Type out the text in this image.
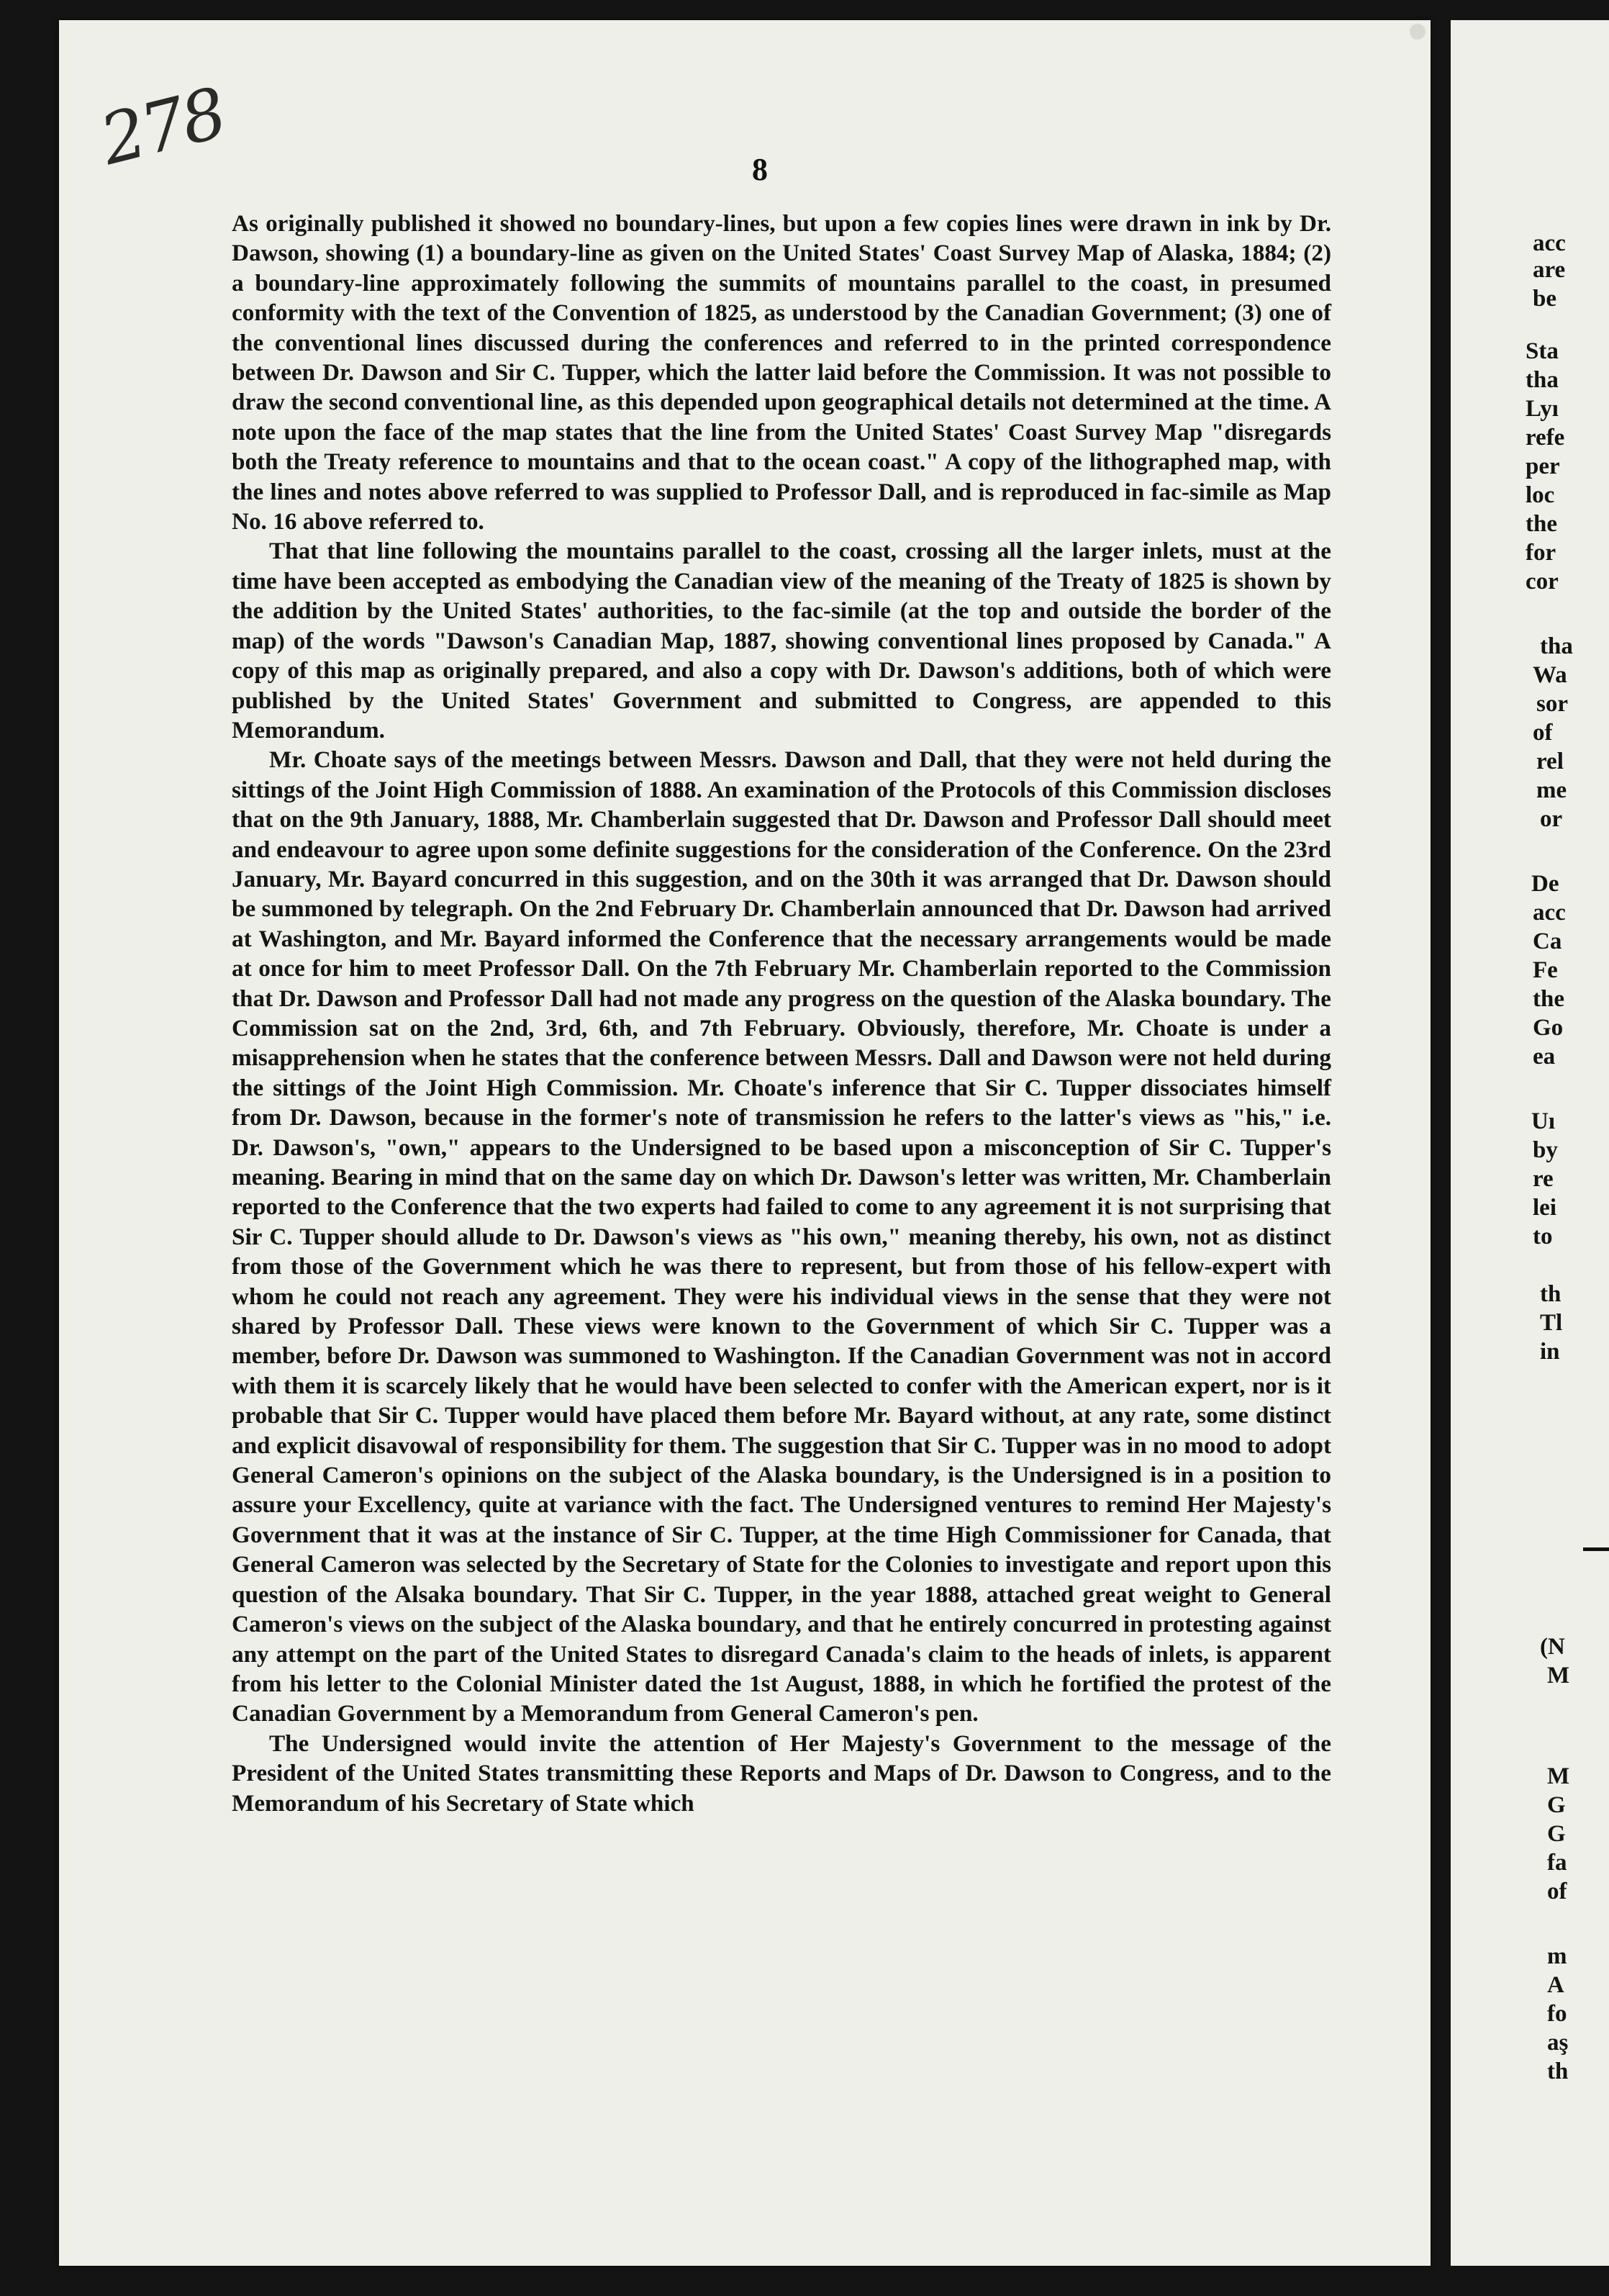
278	8

As originally published it showed no boundary-lines, but upon a few copies lines were drawn in ink by Dr. Dawson, showing (1) a boundary-line as given on the United States' Coast Survey Map of Alaska, 1884; (2) a boundary-line approximately following the summits of mountains parallel to the coast, in presumed conformity with the text of the Convention of 1825, as understood by the Canadian Government; (3) one of the conventional lines discussed during the conferences and referred to in the printed correspondence between Dr. Dawson and Sir C. Tupper, which the latter laid before the Commission. It was not possible to draw the second conventional line, as this depended upon geographical details not determined at the time. A note upon the face of the map states that the line from the United States' Coast Survey Map "disregards both the Treaty reference to mountains and that to the ocean coast." A copy of the lithographed map, with the lines and notes above referred to was supplied to Professor Dall, and is reproduced in fac-simile as Map No. 16 above referred to.

That that line following the mountains parallel to the coast, crossing all the larger inlets, must at the time have been accepted as embodying the Canadian view of the meaning of the Treaty of 1825 is shown by the addition by the United States' authorities, to the fac-simile (at the top and outside the border of the map) of the words "Dawson's Canadian Map, 1887, showing conventional lines proposed by Canada." A copy of this map as originally prepared, and also a copy with Dr. Dawson's additions, both of which were published by the United States' Government and submitted to Congress, are appended to this Memorandum.

Mr. Choate says of the meetings between Messrs. Dawson and Dall, that they were not held during the sittings of the Joint High Commission of 1888. An examination of the Protocols of this Commission discloses that on the 9th January, 1888, Mr. Chamberlain suggested that Dr. Dawson and Professor Dall should meet and endeavour to agree upon some definite suggestions for the consideration of the Conference. On the 23rd January, Mr. Bayard concurred in this suggestion, and on the 30th it was arranged that Dr. Dawson should be summoned by telegraph. On the 2nd February Dr. Chamberlain announced that Dr. Dawson had arrived at Washington, and Mr. Bayard informed the Conference that the necessary arrangements would be made at once for him to meet Professor Dall. On the 7th February Mr. Chamberlain reported to the Commission that Dr. Dawson and Professor Dall had not made any progress on the question of the Alaska boundary. The Commission sat on the 2nd, 3rd, 6th, and 7th February. Obviously, therefore, Mr. Choate is under a misapprehension when he states that the conference between Messrs. Dall and Dawson were not held during the sittings of the Joint High Commission. Mr. Choate's inference that Sir C. Tupper dissociates himself from Dr. Dawson, because in the former's note of transmission he refers to the latter's views as "his," i.e. Dr. Dawson's, "own," appears to the Undersigned to be based upon a misconception of Sir C. Tupper's meaning. Bearing in mind that on the same day on which Dr. Dawson's letter was written, Mr. Chamberlain reported to the Conference that the two experts had failed to come to any agreement it is not surprising that Sir C. Tupper should allude to Dr. Dawson's views as "his own," meaning thereby, his own, not as distinct from those of the Government which he was there to represent, but from those of his fellow-expert with whom he could not reach any agreement. They were his individual views in the sense that they were not shared by Professor Dall. These views were known to the Government of which Sir C. Tupper was a member, before Dr. Dawson was summoned to Washington. If the Canadian Government was not in accord with them it is scarcely likely that he would have been selected to confer with the American expert, nor is it probable that Sir C. Tupper would have placed them before Mr. Bayard without, at any rate, some distinct and explicit disavowal of responsibility for them. The suggestion that Sir C. Tupper was in no mood to adopt General Cameron's opinions on the subject of the Alaska boundary, is the Undersigned is in a position to assure your Excellency, quite at variance with the fact. The Undersigned ventures to remind Her Majesty's Government that it was at the instance of Sir C. Tupper, at the time High Commissioner for Canada, that General Cameron was selected by the Secretary of State for the Colonies to investigate and report upon this question of the Alsaka boundary. That Sir C. Tupper, in the year 1888, attached great weight to General Cameron's views on the subject of the Alaska boundary, and that he entirely concurred in protesting against any attempt on the part of the United States to disregard Canada's claim to the heads of inlets, is apparent from his letter to the Colonial Minister dated the 1st August, 1888, in which he fortified the protest of the Canadian Government by a Memorandum from General Cameron's pen.

The Undersigned would invite the attention of Her Majesty's Government to the message of the President of the United States transmitting these Reports and Maps of Dr. Dawson to Congress, and to the Memorandum of his Secretary of State which

acc
are
be
Sta
tha
Lyı
refe
per
loc
the
for
cor
tha
Wa
sor
of
rel
me
or
De
acc
Ca
Fe
the
Go
ea
Uı
by
re
lei
to
th
Tl
in
(N
M
M
G
G
fa
of
m
A
fo
aş
th
